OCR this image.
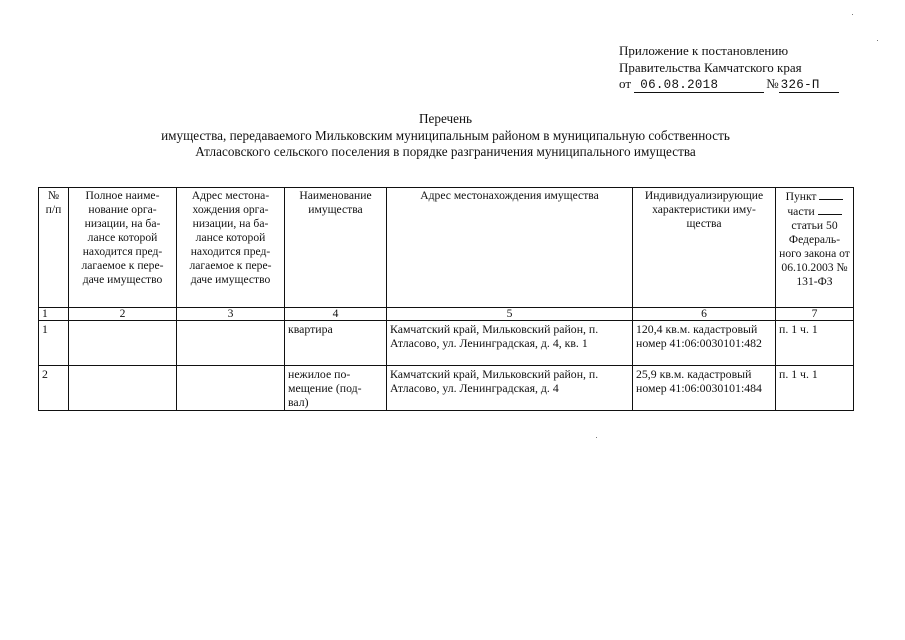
Приложение к постановлению
Правительства Камчатского края
от 06.08.2018	№ 326-П
Перечень
имущества, передаваемого Мильковским муниципальным районом в муниципальную собственность
Атласовского сельского поселения в порядке разграничения муниципального имущества
№ п/п	Полное наиме- нование орга- низации, на ба- лансе которой находится пред- лагаемое к пере- даче имущество	Адрес местона- хождения орга- низации, на ба- лансе которой находится пред- лагаемое к пере- даче имущество	Наименование имущества	Адрес местонахождения имущества	Индивидуализирующие характеристики иму- щества	Пункт
части
статьи 50 Федераль- ного закона от 06.10.2003 № 131-ФЗ

1	2	3	4	5	6	7
1			квартира	Камчатский край, Мильковский район, п. Атласово, ул. Ленинградская, д. 4, кв. 1	120,4 кв.м. кадастровый номер 41:06:0030101:482	п. 1 ч. 1
2			нежилое по- мещение (под- вал)	Камчатский край, Мильковский район, п. Атласово, ул. Ленинградская, д. 4	25,9 кв.м. кадастровый номер 41:06:0030101:484	п. 1 ч. 1
